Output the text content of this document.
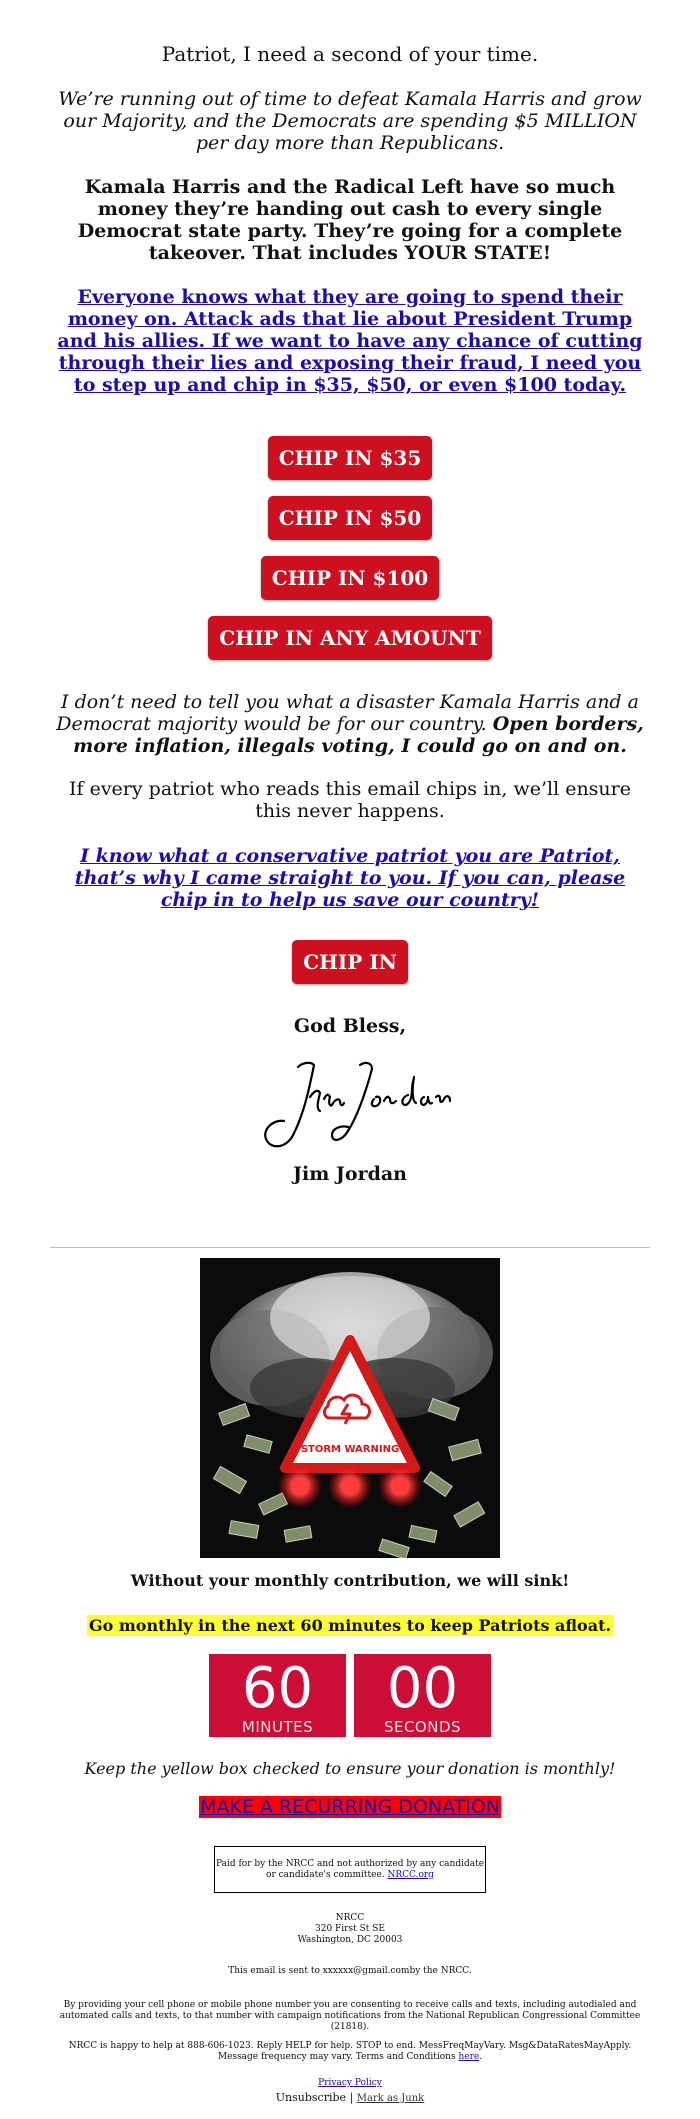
Patriot, I need a second of your time.

We’re running out of time to defeat Kamala Harris and grow our Majority, and the Democrats are spending $5 MILLION per day more than Republicans.

Kamala Harris and the Radical Left have so much money they’re handing out cash to every single Democrat state party. They’re going for a complete takeover. That includes YOUR STATE!

Everyone knows what they are going to spend their money on. Attack ads that lie about President Trump and his allies. If we want to have any chance of cutting through their lies and exposing their fraud, I need you to step up and chip in $35, $50, or even $100 today.

CHIP IN $35
CHIP IN $50
CHIP IN $100
CHIP IN ANY AMOUNT

I don’t need to tell you what a disaster Kamala Harris and a Democrat majority would be for our country. Open borders, more inflation, illegals voting, I could go on and on.

If every patriot who reads this email chips in, we’ll ensure this never happens.

I know what a conservative patriot you are Patriot, that’s why I came straight to you. If you can, please chip in to help us save our country!

CHIP IN

God Bless,

Jim Jordan

STORM WARNING

Without your monthly contribution, we will sink!

Go monthly in the next 60 minutes to keep Patriots afloat.

60
MINUTES
00
SECONDS

Keep the yellow box checked to ensure your donation is monthly!

MAKE A RECURRING DONATION
Paid for by the NRCC and not authorized by any candidate or candidate's committee. NRCC.org
NRCC
320 First St SE
Washington, DC 20003

This email is sent to xxxxxx@gmail.comby the NRCC.

By providing your cell phone or mobile phone number you are consenting to receive calls and texts, including autodialed and automated calls and texts, to that number with campaign notifications from the National Republican Congressional Committee (21818).

NRCC is happy to help at 888-606-1023. Reply HELP for help. STOP to end. MessFreqMayVary. Msg&DataRatesMayApply. Message frequency may vary. Terms and Conditions here.

Privacy Policy

Unsubscribe | Mark as Junk
